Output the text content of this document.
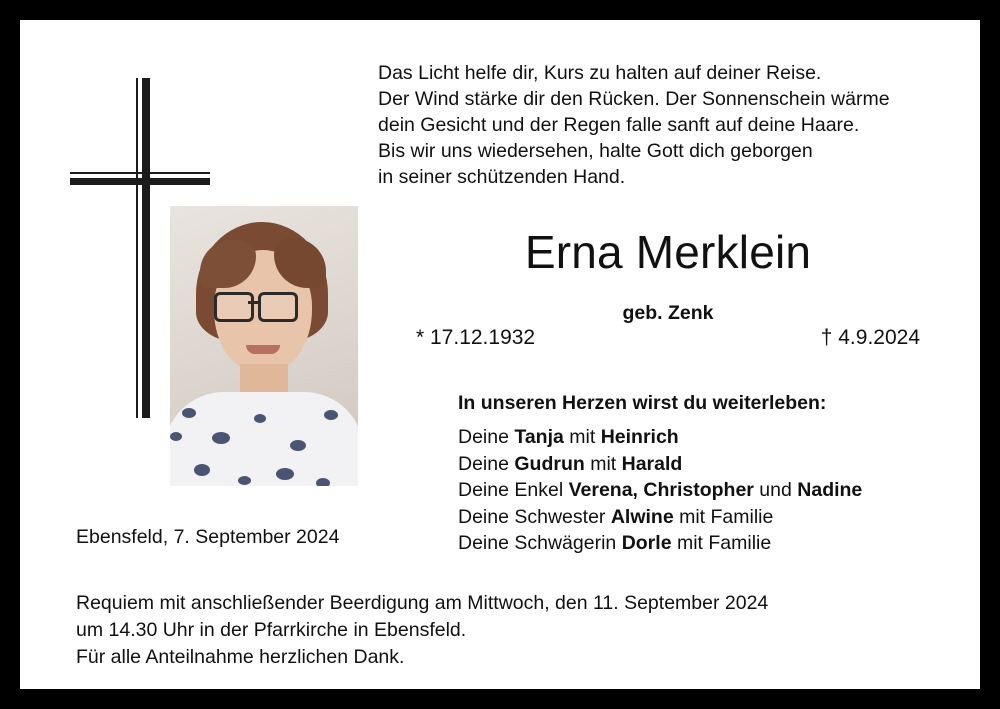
Das Licht helfe dir, Kurs zu halten auf deiner Reise.
Der Wind stärke dir den Rücken. Der Sonnenschein wärme
dein Gesicht und der Regen falle sanft auf deine Haare.
Bis wir uns wiedersehen, halte Gott dich geborgen
in seiner schützenden Hand.
Erna Merklein
geb. Zenk
* 17.12.1932	† 4.9.2024
In unseren Herzen wirst du weiterleben:
Deine Tanja mit Heinrich
Deine Gudrun mit Harald
Deine Enkel Verena, Christopher und Nadine
Deine Schwester Alwine mit Familie
Deine Schwägerin Dorle mit Familie
Ebensfeld, 7. September 2024
Requiem mit anschließender Beerdigung am Mittwoch, den 11. September 2024
um 14.30 Uhr in der Pfarrkirche in Ebensfeld.
Für alle Anteilnahme herzlichen Dank.
